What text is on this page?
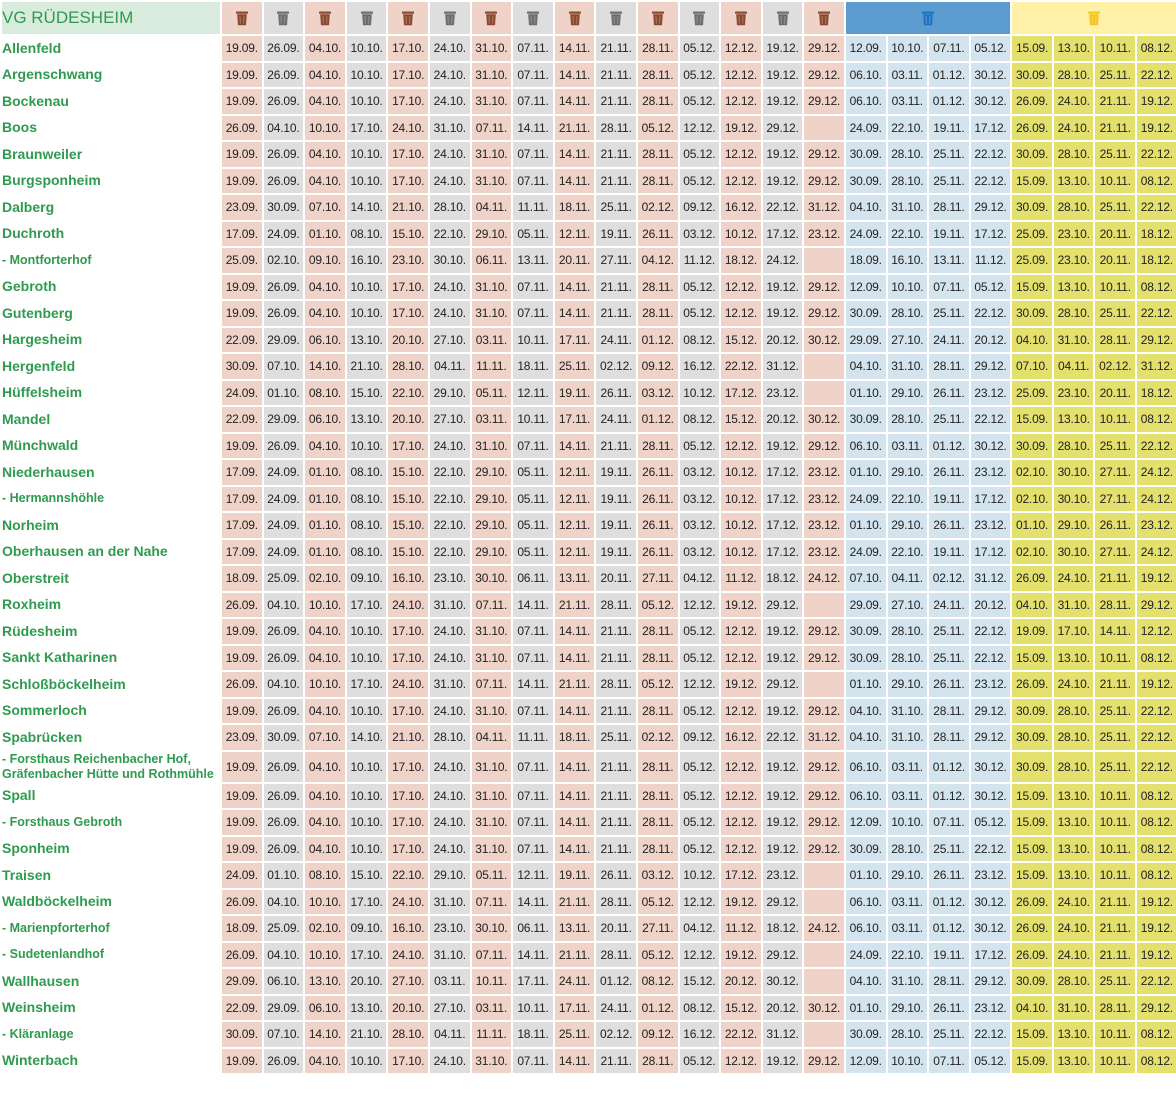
VG RÜDESHEIM																	
Allenfeld	19.09.	26.09.	04.10.	10.10.	17.10.	24.10.	31.10.	07.11.	14.11.	21.11.	28.11.	05.12.	12.12.	19.12.	29.12.	12.09.	10.10.	07.11.	05.12.	15.09.	13.10.	10.11.	08.12.
Argenschwang	19.09.	26.09.	04.10.	10.10.	17.10.	24.10.	31.10.	07.11.	14.11.	21.11.	28.11.	05.12.	12.12.	19.12.	29.12.	06.10.	03.11.	01.12.	30.12.	30.09.	28.10.	25.11.	22.12.
Bockenau	19.09.	26.09.	04.10.	10.10.	17.10.	24.10.	31.10.	07.11.	14.11.	21.11.	28.11.	05.12.	12.12.	19.12.	29.12.	06.10.	03.11.	01.12.	30.12.	26.09.	24.10.	21.11.	19.12.
Boos	26.09.	04.10.	10.10.	17.10.	24.10.	31.10.	07.11.	14.11.	21.11.	28.11.	05.12.	12.12.	19.12.	29.12.		24.09.	22.10.	19.11.	17.12.	26.09.	24.10.	21.11.	19.12.
Braunweiler	19.09.	26.09.	04.10.	10.10.	17.10.	24.10.	31.10.	07.11.	14.11.	21.11.	28.11.	05.12.	12.12.	19.12.	29.12.	30.09.	28.10.	25.11.	22.12.	30.09.	28.10.	25.11.	22.12.
Burgsponheim	19.09.	26.09.	04.10.	10.10.	17.10.	24.10.	31.10.	07.11.	14.11.	21.11.	28.11.	05.12.	12.12.	19.12.	29.12.	30.09.	28.10.	25.11.	22.12.	15.09.	13.10.	10.11.	08.12.
Dalberg	23.09.	30.09.	07.10.	14.10.	21.10.	28.10.	04.11.	11.11.	18.11.	25.11.	02.12.	09.12.	16.12.	22.12.	31.12.	04.10.	31.10.	28.11.	29.12.	30.09.	28.10.	25.11.	22.12.
Duchroth	17.09.	24.09.	01.10.	08.10.	15.10.	22.10.	29.10.	05.11.	12.11.	19.11.	26.11.	03.12.	10.12.	17.12.	23.12.	24.09.	22.10.	19.11.	17.12.	25.09.	23.10.	20.11.	18.12.
- Montforterhof	25.09.	02.10.	09.10.	16.10.	23.10.	30.10.	06.11.	13.11.	20.11.	27.11.	04.12.	11.12.	18.12.	24.12.		18.09.	16.10.	13.11.	11.12.	25.09.	23.10.	20.11.	18.12.
Gebroth	19.09.	26.09.	04.10.	10.10.	17.10.	24.10.	31.10.	07.11.	14.11.	21.11.	28.11.	05.12.	12.12.	19.12.	29.12.	12.09.	10.10.	07.11.	05.12.	15.09.	13.10.	10.11.	08.12.
Gutenberg	19.09.	26.09.	04.10.	10.10.	17.10.	24.10.	31.10.	07.11.	14.11.	21.11.	28.11.	05.12.	12.12.	19.12.	29.12.	30.09.	28.10.	25.11.	22.12.	30.09.	28.10.	25.11.	22.12.
Hargesheim	22.09.	29.09.	06.10.	13.10.	20.10.	27.10.	03.11.	10.11.	17.11.	24.11.	01.12.	08.12.	15.12.	20.12.	30.12.	29.09.	27.10.	24.11.	20.12.	04.10.	31.10.	28.11.	29.12.
Hergenfeld	30.09.	07.10.	14.10.	21.10.	28.10.	04.11.	11.11.	18.11.	25.11.	02.12.	09.12.	16.12.	22.12.	31.12.		04.10.	31.10.	28.11.	29.12.	07.10.	04.11.	02.12.	31.12.
Hüffelsheim	24.09.	01.10.	08.10.	15.10.	22.10.	29.10.	05.11.	12.11.	19.11.	26.11.	03.12.	10.12.	17.12.	23.12.		01.10.	29.10.	26.11.	23.12.	25.09.	23.10.	20.11.	18.12.
Mandel	22.09.	29.09.	06.10.	13.10.	20.10.	27.10.	03.11.	10.11.	17.11.	24.11.	01.12.	08.12.	15.12.	20.12.	30.12.	30.09.	28.10.	25.11.	22.12.	15.09.	13.10.	10.11.	08.12.
Münchwald	19.09.	26.09.	04.10.	10.10.	17.10.	24.10.	31.10.	07.11.	14.11.	21.11.	28.11.	05.12.	12.12.	19.12.	29.12.	06.10.	03.11.	01.12.	30.12.	30.09.	28.10.	25.11.	22.12.
Niederhausen	17.09.	24.09.	01.10.	08.10.	15.10.	22.10.	29.10.	05.11.	12.11.	19.11.	26.11.	03.12.	10.12.	17.12.	23.12.	01.10.	29.10.	26.11.	23.12.	02.10.	30.10.	27.11.	24.12.
- Hermannshöhle	17.09.	24.09.	01.10.	08.10.	15.10.	22.10.	29.10.	05.11.	12.11.	19.11.	26.11.	03.12.	10.12.	17.12.	23.12.	24.09.	22.10.	19.11.	17.12.	02.10.	30.10.	27.11.	24.12.
Norheim	17.09.	24.09.	01.10.	08.10.	15.10.	22.10.	29.10.	05.11.	12.11.	19.11.	26.11.	03.12.	10.12.	17.12.	23.12.	01.10.	29.10.	26.11.	23.12.	01.10.	29.10.	26.11.	23.12.
Oberhausen an der Nahe	17.09.	24.09.	01.10.	08.10.	15.10.	22.10.	29.10.	05.11.	12.11.	19.11.	26.11.	03.12.	10.12.	17.12.	23.12.	24.09.	22.10.	19.11.	17.12.	02.10.	30.10.	27.11.	24.12.
Oberstreit	18.09.	25.09.	02.10.	09.10.	16.10.	23.10.	30.10.	06.11.	13.11.	20.11.	27.11.	04.12.	11.12.	18.12.	24.12.	07.10.	04.11.	02.12.	31.12.	26.09.	24.10.	21.11.	19.12.
Roxheim	26.09.	04.10.	10.10.	17.10.	24.10.	31.10.	07.11.	14.11.	21.11.	28.11.	05.12.	12.12.	19.12.	29.12.		29.09.	27.10.	24.11.	20.12.	04.10.	31.10.	28.11.	29.12.
Rüdesheim	19.09.	26.09.	04.10.	10.10.	17.10.	24.10.	31.10.	07.11.	14.11.	21.11.	28.11.	05.12.	12.12.	19.12.	29.12.	30.09.	28.10.	25.11.	22.12.	19.09.	17.10.	14.11.	12.12.
Sankt Katharinen	19.09.	26.09.	04.10.	10.10.	17.10.	24.10.	31.10.	07.11.	14.11.	21.11.	28.11.	05.12.	12.12.	19.12.	29.12.	30.09.	28.10.	25.11.	22.12.	15.09.	13.10.	10.11.	08.12.
Schloßböckelheim	26.09.	04.10.	10.10.	17.10.	24.10.	31.10.	07.11.	14.11.	21.11.	28.11.	05.12.	12.12.	19.12.	29.12.		01.10.	29.10.	26.11.	23.12.	26.09.	24.10.	21.11.	19.12.
Sommerloch	19.09.	26.09.	04.10.	10.10.	17.10.	24.10.	31.10.	07.11.	14.11.	21.11.	28.11.	05.12.	12.12.	19.12.	29.12.	04.10.	31.10.	28.11.	29.12.	30.09.	28.10.	25.11.	22.12.
Spabrücken	23.09.	30.09.	07.10.	14.10.	21.10.	28.10.	04.11.	11.11.	18.11.	25.11.	02.12.	09.12.	16.12.	22.12.	31.12.	04.10.	31.10.	28.11.	29.12.	30.09.	28.10.	25.11.	22.12.
- Forsthaus Reichenbacher Hof, Gräfenbacher Hütte und Rothmühle	19.09.	26.09.	04.10.	10.10.	17.10.	24.10.	31.10.	07.11.	14.11.	21.11.	28.11.	05.12.	12.12.	19.12.	29.12.	06.10.	03.11.	01.12.	30.12.	30.09.	28.10.	25.11.	22.12.
Spall	19.09.	26.09.	04.10.	10.10.	17.10.	24.10.	31.10.	07.11.	14.11.	21.11.	28.11.	05.12.	12.12.	19.12.	29.12.	06.10.	03.11.	01.12.	30.12.	15.09.	13.10.	10.11.	08.12.
- Forsthaus Gebroth	19.09.	26.09.	04.10.	10.10.	17.10.	24.10.	31.10.	07.11.	14.11.	21.11.	28.11.	05.12.	12.12.	19.12.	29.12.	12.09.	10.10.	07.11.	05.12.	15.09.	13.10.	10.11.	08.12.
Sponheim	19.09.	26.09.	04.10.	10.10.	17.10.	24.10.	31.10.	07.11.	14.11.	21.11.	28.11.	05.12.	12.12.	19.12.	29.12.	30.09.	28.10.	25.11.	22.12.	15.09.	13.10.	10.11.	08.12.
Traisen	24.09.	01.10.	08.10.	15.10.	22.10.	29.10.	05.11.	12.11.	19.11.	26.11.	03.12.	10.12.	17.12.	23.12.		01.10.	29.10.	26.11.	23.12.	15.09.	13.10.	10.11.	08.12.
Waldböckelheim	26.09.	04.10.	10.10.	17.10.	24.10.	31.10.	07.11.	14.11.	21.11.	28.11.	05.12.	12.12.	19.12.	29.12.		06.10.	03.11.	01.12.	30.12.	26.09.	24.10.	21.11.	19.12.
- Marienpforterhof	18.09.	25.09.	02.10.	09.10.	16.10.	23.10.	30.10.	06.11.	13.11.	20.11.	27.11.	04.12.	11.12.	18.12.	24.12.	06.10.	03.11.	01.12.	30.12.	26.09.	24.10.	21.11.	19.12.
- Sudetenlandhof	26.09.	04.10.	10.10.	17.10.	24.10.	31.10.	07.11.	14.11.	21.11.	28.11.	05.12.	12.12.	19.12.	29.12.		24.09.	22.10.	19.11.	17.12.	26.09.	24.10.	21.11.	19.12.
Wallhausen	29.09.	06.10.	13.10.	20.10.	27.10.	03.11.	10.11.	17.11.	24.11.	01.12.	08.12.	15.12.	20.12.	30.12.		04.10.	31.10.	28.11.	29.12.	30.09.	28.10.	25.11.	22.12.
Weinsheim	22.09.	29.09.	06.10.	13.10.	20.10.	27.10.	03.11.	10.11.	17.11.	24.11.	01.12.	08.12.	15.12.	20.12.	30.12.	01.10.	29.10.	26.11.	23.12.	04.10.	31.10.	28.11.	29.12.
- Kläranlage	30.09.	07.10.	14.10.	21.10.	28.10.	04.11.	11.11.	18.11.	25.11.	02.12.	09.12.	16.12.	22.12.	31.12.		30.09.	28.10.	25.11.	22.12.	15.09.	13.10.	10.11.	08.12.
Winterbach	19.09.	26.09.	04.10.	10.10.	17.10.	24.10.	31.10.	07.11.	14.11.	21.11.	28.11.	05.12.	12.12.	19.12.	29.12.	12.09.	10.10.	07.11.	05.12.	15.09.	13.10.	10.11.	08.12.
